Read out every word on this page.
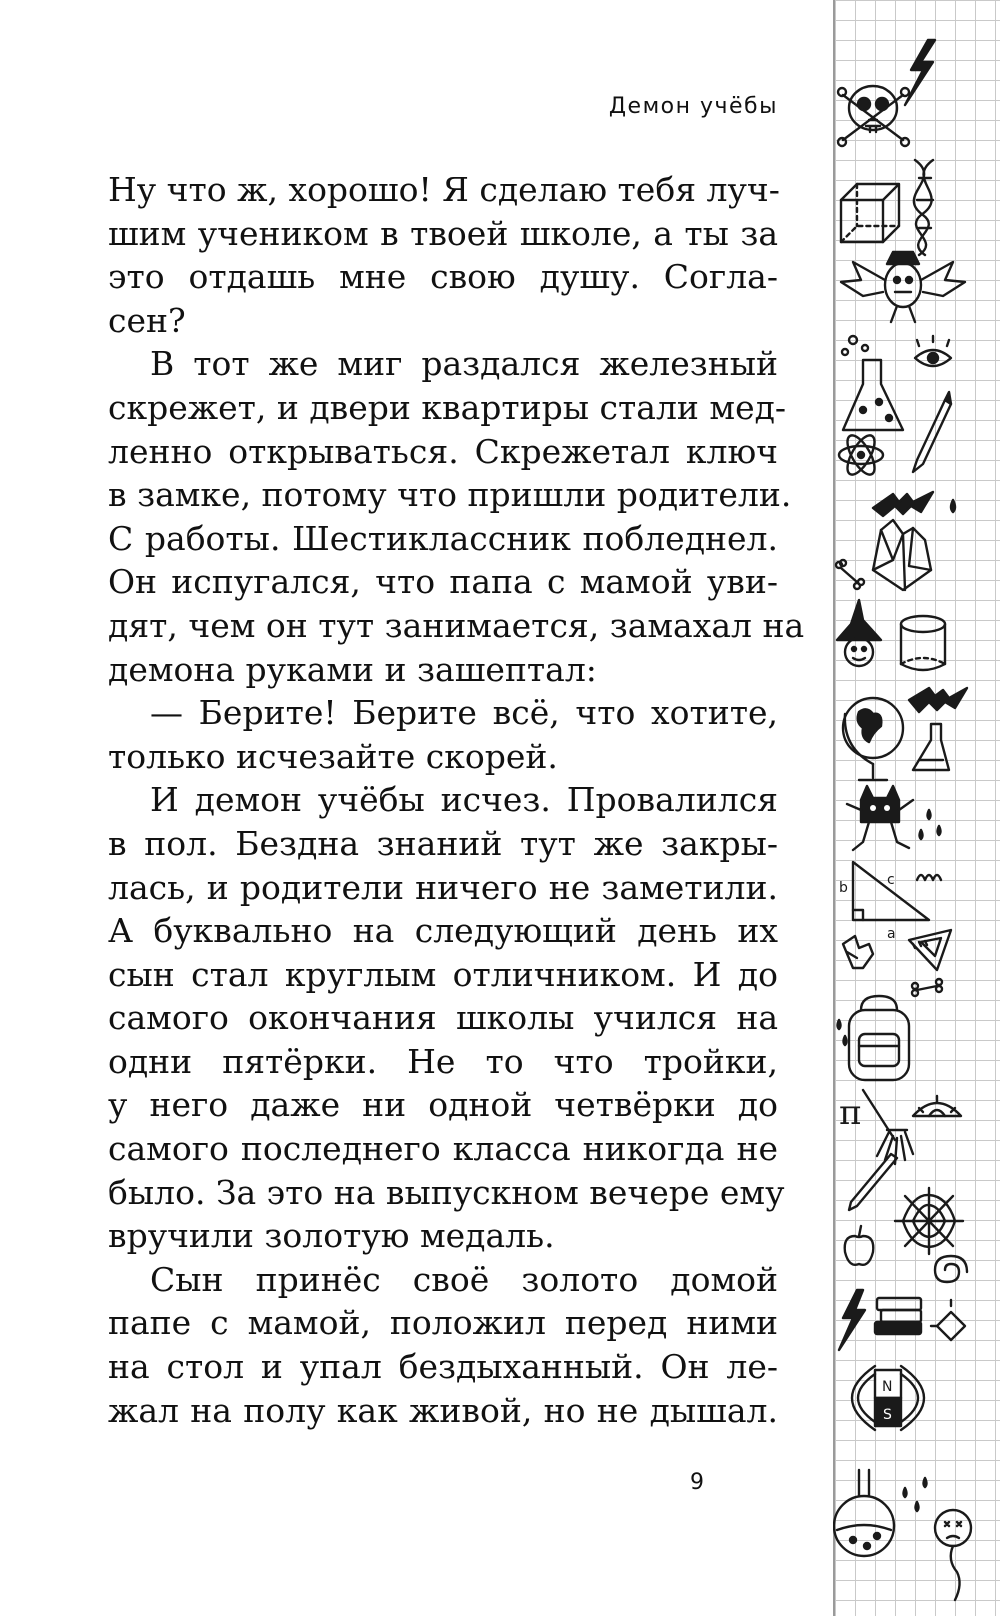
Демон учёбы
Ну что ж, хорошо! Я сделаю тебя луч-
шим учеником в твоей школе, а ты за
это отдашь мне свою душу. Согла-
сен?
В тот же миг раздался железный
скрежет, и двери квартиры стали мед-
ленно открываться. Скрежетал ключ
в замке, потому что пришли родители.
С работы. Шестиклассник побледнел.
Он испугался, что папа с мамой уви-
дят, чем он тут занимается, замахал на
демона руками и зашептал:
— Берите! Берите всё, что хотите,
только исчезайте скорей.
И демон учёбы исчез. Провалился
в пол. Бездна знаний тут же закры-
лась, и родители ничего не заметили.
А буквально на следующий день их
сын стал круглым отличником. И до
самого окончания школы учился на
одни пятёрки. Не то что тройки,
у него даже ни одной четвёрки до
самого последнего класса никогда не
было. За это на выпускном вечере ему
вручили золотую медаль.
Сын принёс своё золото домой
папе с мамой, положил перед ними
на стол и упал бездыханный. Он ле-
жал на полу как живой, но не дышал.
9
b	c
a
π
N
S
